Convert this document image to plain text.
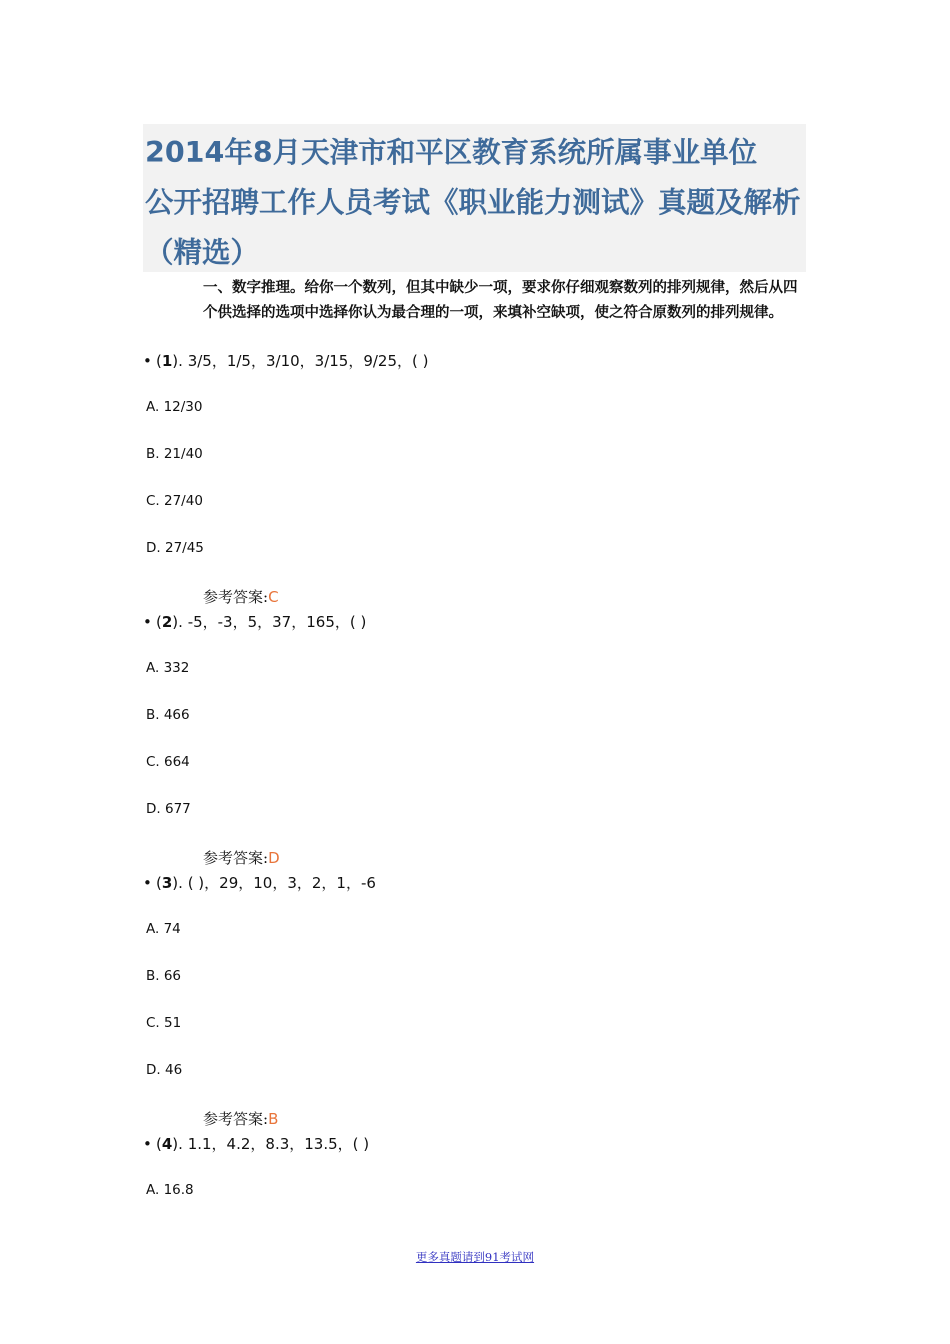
2014年8月天津市和平区教育系统所属事业单位
公开招聘工作人员考试《职业能力测试》真题及解析
（精选）
一、数字推理。给你一个数列，但其中缺少一项，要求你仔细观察数列的排列规律，然后从四个供选择的选项中选择你认为最合理的一项，来填补空缺项，使之符合原数列的排列规律。
• (1). 3/5，1/5，3/10，3/15，9/25，( )
A. 12/30
B. 21/40
C. 27/40
D. 27/45
参考答案:C
• (2). -5，-3，5，37，165，( )
A. 332
B. 466
C. 664
D. 677
参考答案:D
• (3). ( )，29，10，3，2，1，-6
A. 74
B. 66
C. 51
D. 46
参考答案:B
• (4). 1.1，4.2，8.3，13.5，( )
A. 16.8
更多真题请到91考试网
